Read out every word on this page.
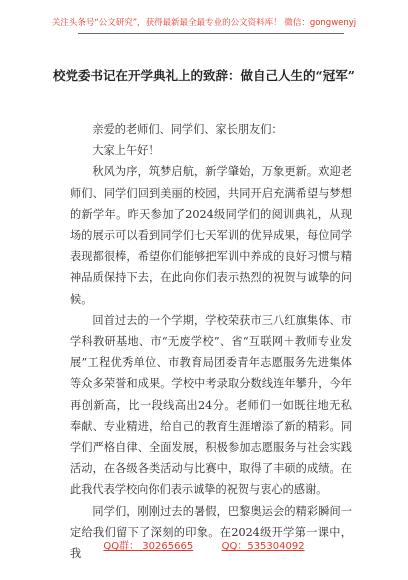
关注头条号“公文研究”，获得最新最全最专业的公文资料库！ 微信：gongwenyj
校党委书记在开学典礼上的致辞：做自己人生的“冠军”

亲爱的老师们、同学们、家长朋友们：

大家上午好！

秋风为序，筑梦启航，新学肇始，万象更新。欢迎老师们、同学们回到美丽的校园，共同开启充满希望与梦想的新学年。昨天参加了2024级同学们的阅训典礼，从现场的展示可以看到同学们七天军训的优异成果，每位同学表现都很棒，希望你们能够把军训中养成的良好习惯与精神品质保持下去，在此向你们表示热烈的祝贺与诚挚的问候。

回首过去的一个学期，学校荣获市三八红旗集体、市学科教研基地、市“无废学校”、省“互联网＋教师专业发展”工程优秀单位、市教育局团委青年志愿服务先进集体等众多荣誉和成果。学校中考录取分数线连年攀升，今年再创新高，比一段线高出24分。老师们一如既往地无私奉献、专业精进，给自己的教育生涯增添了新的精彩。同学们严格自律、全面发展，积极参加志愿服务与社会实践活动，在各级各类活动与比赛中，取得了丰硕的成绩。在此我代表学校向你们表示诚挚的祝贺与衷心的感谢。

同学们，刚刚过去的暑假，巴黎奥运会的精彩瞬间一定给我们留下了深刻的印象。在2024级开学第一课中，我

QQ群： 30265665	QQ：535304092
